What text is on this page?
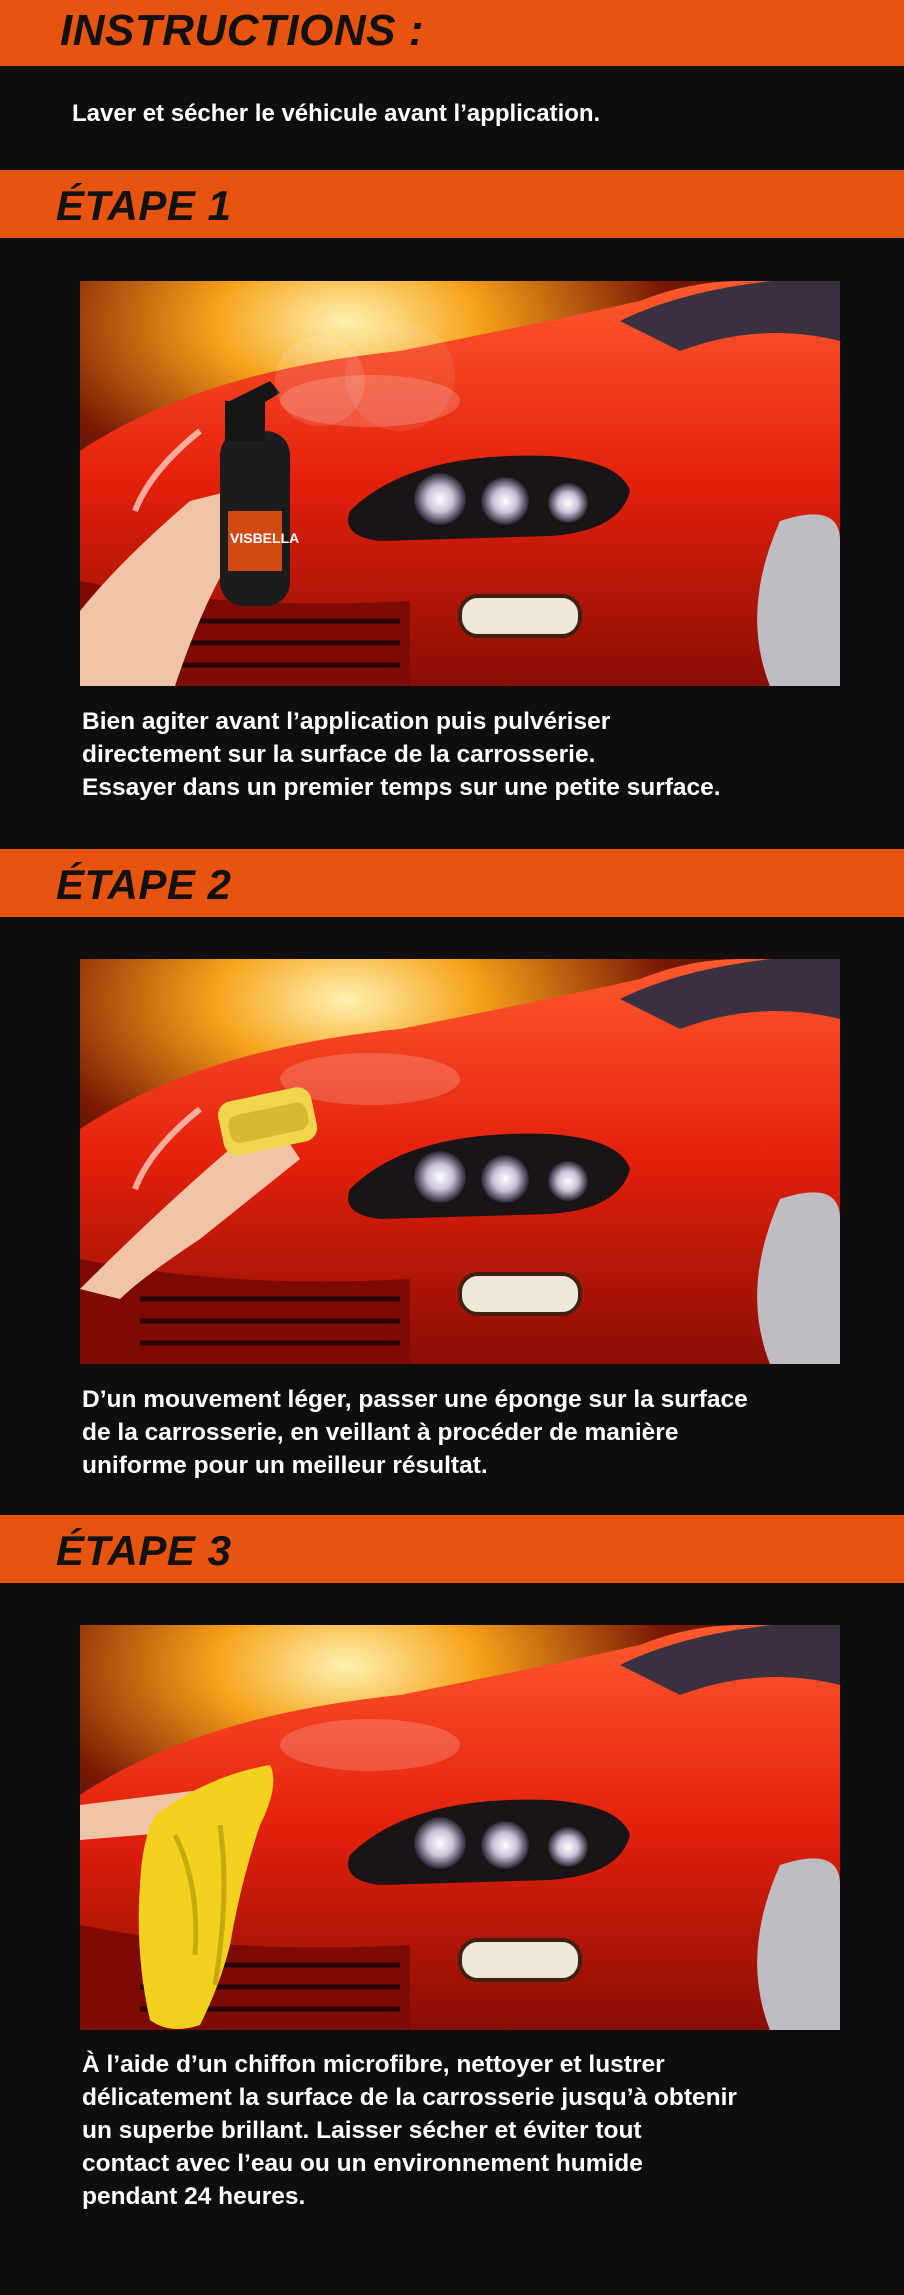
INSTRUCTIONS :
Laver et sécher le véhicule avant l’application.
ÉTAPE 1
VISBELLA
Bien agiter avant l’application puis pulvériser
directement sur la surface de la carrosserie.
Essayer dans un premier temps sur une petite surface.
ÉTAPE 2
D’un mouvement léger, passer une éponge sur la surface
de la carrosserie, en veillant à procéder de manière
uniforme pour un meilleur résultat.
ÉTAPE 3
À l’aide d’un chiffon microfibre, nettoyer et lustrer
délicatement la surface de la carrosserie jusqu’à obtenir
un superbe brillant. Laisser sécher et éviter tout
contact avec l’eau ou un environnement humide
pendant 24 heures.
